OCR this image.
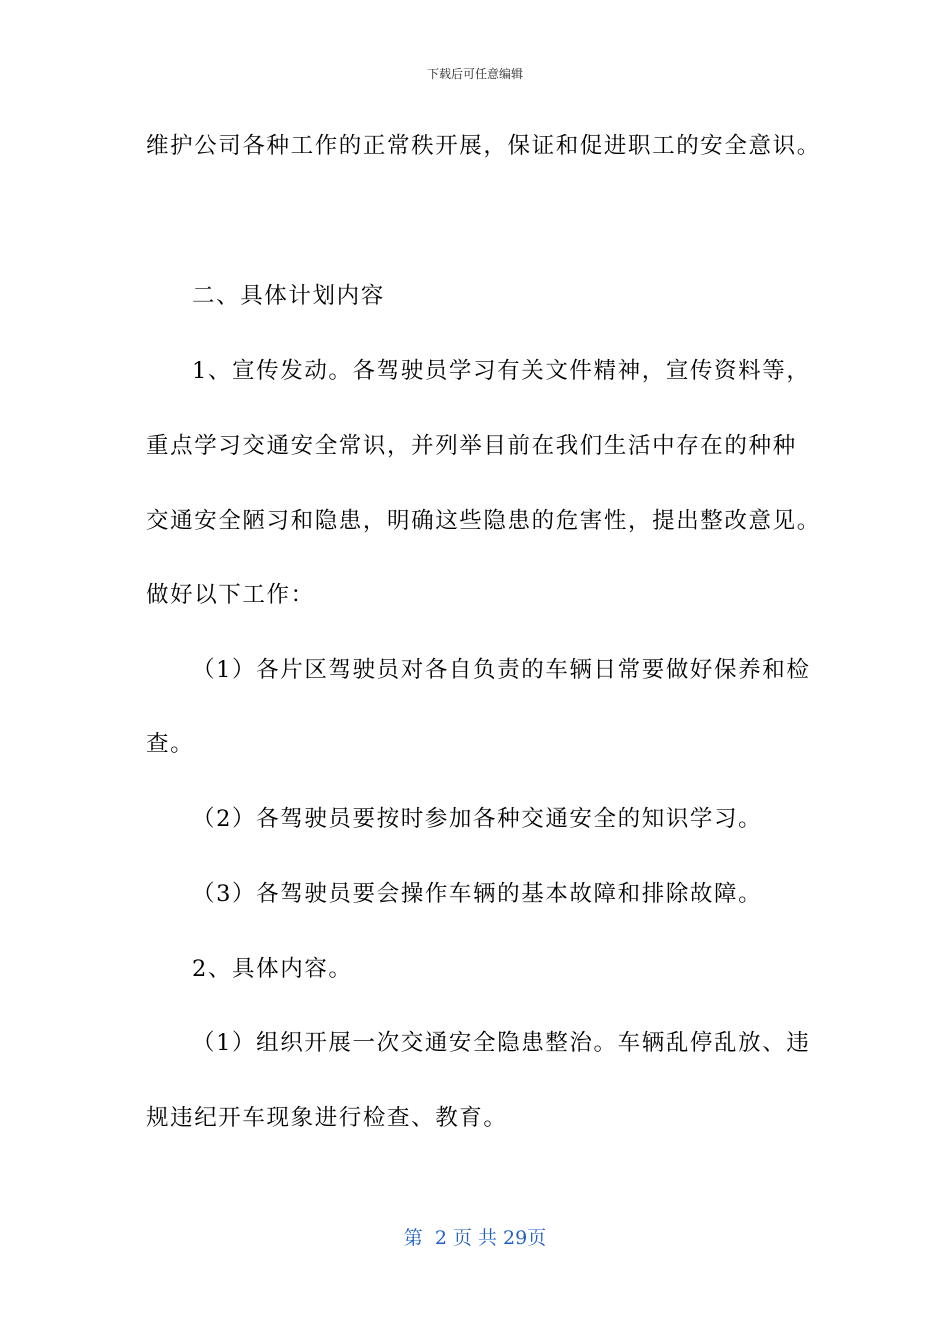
下载后可任意编辑
维护公司各种工作的正常秩开展，保证和促进职工的安全意识。
二、具体计划内容
1、宣传发动。各驾驶员学习有关文件精神，宣传资料等，
重点学习交通安全常识，并列举目前在我们生活中存在的种种
交通安全陋习和隐患，明确这些隐患的危害性，提出整改意见。
做好以下工作：
（1）各片区驾驶员对各自负责的车辆日常要做好保养和检
查。
（2）各驾驶员要按时参加各种交通安全的知识学习。
（3）各驾驶员要会操作车辆的基本故障和排除故障。
2、具体内容。
（1）组织开展一次交通安全隐患整治。车辆乱停乱放、违
规违纪开车现象进行检查、教育。
第  2 页 共 29页
